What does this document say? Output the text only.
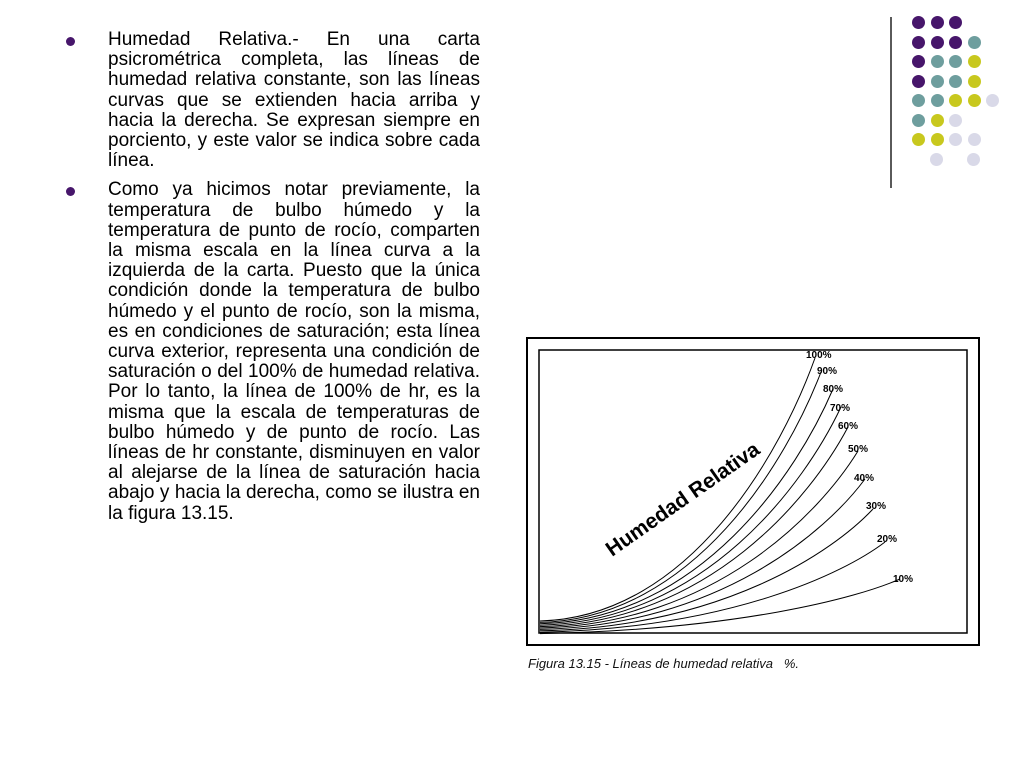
Humedad Relativa.- En una carta psicrométrica completa, las líneas de humedad relativa constante, son las líneas curvas que se extienden hacia arriba y hacia la derecha. Se expresan siempre en porciento, y este valor se indica sobre cada línea.
Como ya hicimos notar previamente, la temperatura de bulbo húmedo y la temperatura de punto de rocío, comparten la misma escala en la línea curva a la izquierda de la carta. Puesto que la única condición donde la temperatura de bulbo húmedo y el punto de rocío, son la misma, es en condiciones de saturación; esta línea curva exterior, representa una condición de saturación o del 100% de humedad relativa. Por lo tanto, la línea de 100% de hr, es la misma que la escala de temperaturas de bulbo húmedo y de punto de rocío. Las líneas de hr constante, disminuyen en valor al alejarse de la línea de saturación hacia abajo y hacia la derecha, como se ilustra en la figura 13.15.
100%
90%
80%
70%
60%
50%
40%
30%
20%
10%
Humedad Relativa
Figura 13.15 - Líneas de humedad relativa   %.
